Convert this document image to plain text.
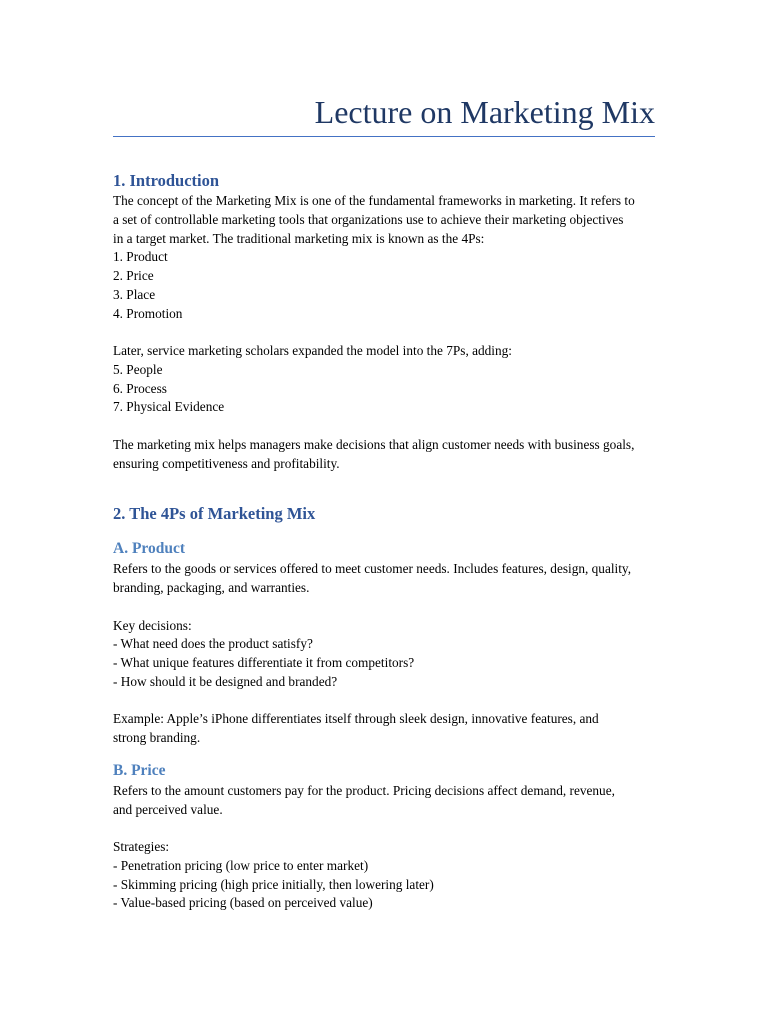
Lecture on Marketing Mix
1. Introduction

The concept of the Marketing Mix is one of the fundamental frameworks in marketing. It refers to

a set of controllable marketing tools that organizations use to achieve their marketing objectives

in a target market. The traditional marketing mix is known as the 4Ps:

1. Product

2. Price

3. Place

4. Promotion

Later, service marketing scholars expanded the model into the 7Ps, adding:

5. People

6. Process

7. Physical Evidence

The marketing mix helps managers make decisions that align customer needs with business goals,

ensuring competitiveness and profitability.

2. The 4Ps of Marketing Mix
A. Product

Refers to the goods or services offered to meet customer needs. Includes features, design, quality,

branding, packaging, and warranties.

Key decisions:

- What need does the product satisfy?

- What unique features differentiate it from competitors?

- How should it be designed and branded?

Example: Apple’s iPhone differentiates itself through sleek design, innovative features, and

strong branding.

B. Price

Refers to the amount customers pay for the product. Pricing decisions affect demand, revenue,

and perceived value.

Strategies:

- Penetration pricing (low price to enter market)

- Skimming pricing (high price initially, then lowering later)

- Value-based pricing (based on perceived value)
